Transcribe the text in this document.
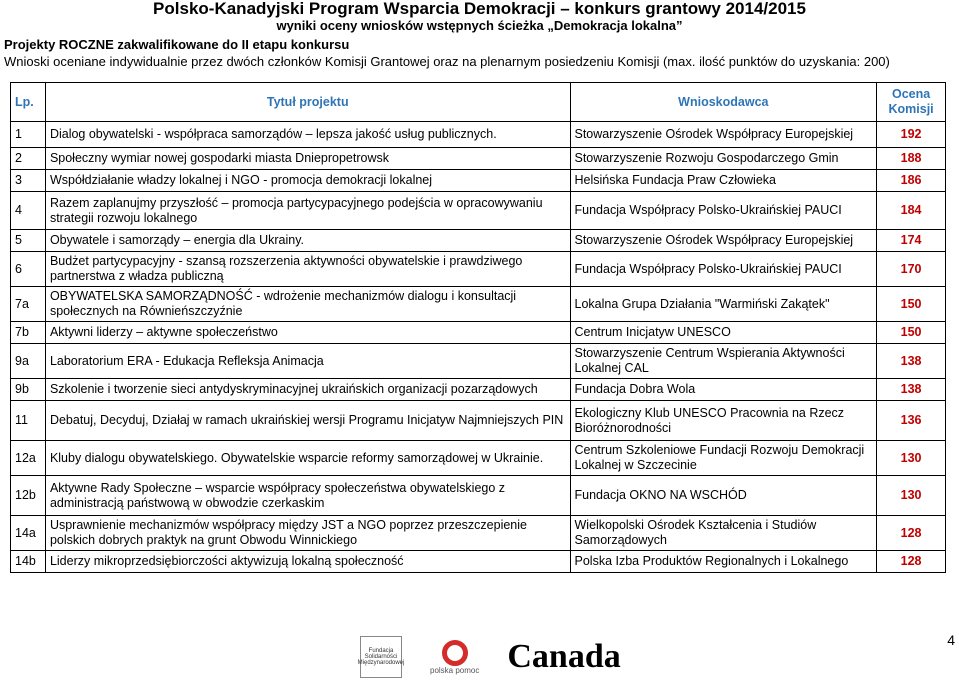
Polsko-Kanadyjski Program Wsparcia Demokracji – konkurs grantowy 2014/2015
wyniki oceny wniosków wstępnych ścieżka „Demokracja lokalna”
Projekty ROCZNE zakwalifikowane do II etapu konkursu
Wnioski oceniane indywidualnie przez dwóch członków Komisji Grantowej oraz na plenarnym posiedzeniu Komisji (max. ilość punktów do uzyskania: 200)
Lp.	Tytuł projektu	Wnioskodawca	Ocena Komisji
1	Dialog obywatelski - współpraca samorządów – lepsza jakość usług publicznych.	Stowarzyszenie Ośrodek Współpracy Europejskiej	192
2	Społeczny wymiar nowej gospodarki miasta Dniepropetrowsk	Stowarzyszenie Rozwoju Gospodarczego Gmin	188
3	Współdziałanie władzy lokalnej i NGO - promocja demokracji lokalnej	Helsińska Fundacja Praw Człowieka	186
4	Razem zaplanujmy przyszłość – promocja partycypacyjnego podejścia w opracowywaniu strategii rozwoju lokalnego	Fundacja Współpracy Polsko-Ukraińskiej PAUCI	184
5	Obywatele i samorządy – energia dla Ukrainy.	Stowarzyszenie Ośrodek Współpracy Europejskiej	174
6	Budżet partycypacyjny - szansą rozszerzenia aktywności obywatelskie i prawdziwego partnerstwa z władza publiczną	Fundacja Współpracy Polsko-Ukraińskiej PAUCI	170
7a	OBYWATELSKA SAMORZĄDNOŚĆ - wdrożenie mechanizmów dialogu i konsultacji społecznych na Równieńszczyźnie	Lokalna Grupa Działania "Warmiński Zakątek"	150
7b	Aktywni liderzy – aktywne społeczeństwo	Centrum Inicjatyw UNESCO	150
9a	Laboratorium ERA - Edukacja Refleksja Animacja	Stowarzyszenie Centrum Wspierania Aktywności Lokalnej CAL	138
9b	Szkolenie i tworzenie sieci antydyskryminacyjnej ukraińskich organizacji pozarządowych	Fundacja Dobra Wola	138
11	Debatuj, Decyduj, Działaj w ramach ukraińskiej wersji Programu Inicjatyw Najmniejszych PIN	Ekologiczny Klub UNESCO Pracownia na Rzecz Bioróżnorodności	136
12a	Kluby dialogu obywatelskiego. Obywatelskie wsparcie reformy samorządowej w Ukrainie.	Centrum Szkoleniowe Fundacji Rozwoju Demokracji Lokalnej w Szczecinie	130
12b	Aktywne Rady Społeczne – wsparcie współpracy społeczeństwa obywatelskiego z administracją państwową w obwodzie czerkaskim	Fundacja OKNO NA WSCHÓD	130
14a	Usprawnienie mechanizmów współpracy między JST a NGO poprzez przeszczepienie polskich dobrych praktyk na grunt Obwodu Winnickiego	Wielkopolski Ośrodek Kształcenia i Studiów Samorządowych	128
14b	Liderzy mikroprzedsiębiorczości aktywizują lokalną społeczność	Polska Izba Produktów Regionalnych i Lokalnego	128
Fundacja Solidarności Międzynarodowej
polska pomoc Canada	4
